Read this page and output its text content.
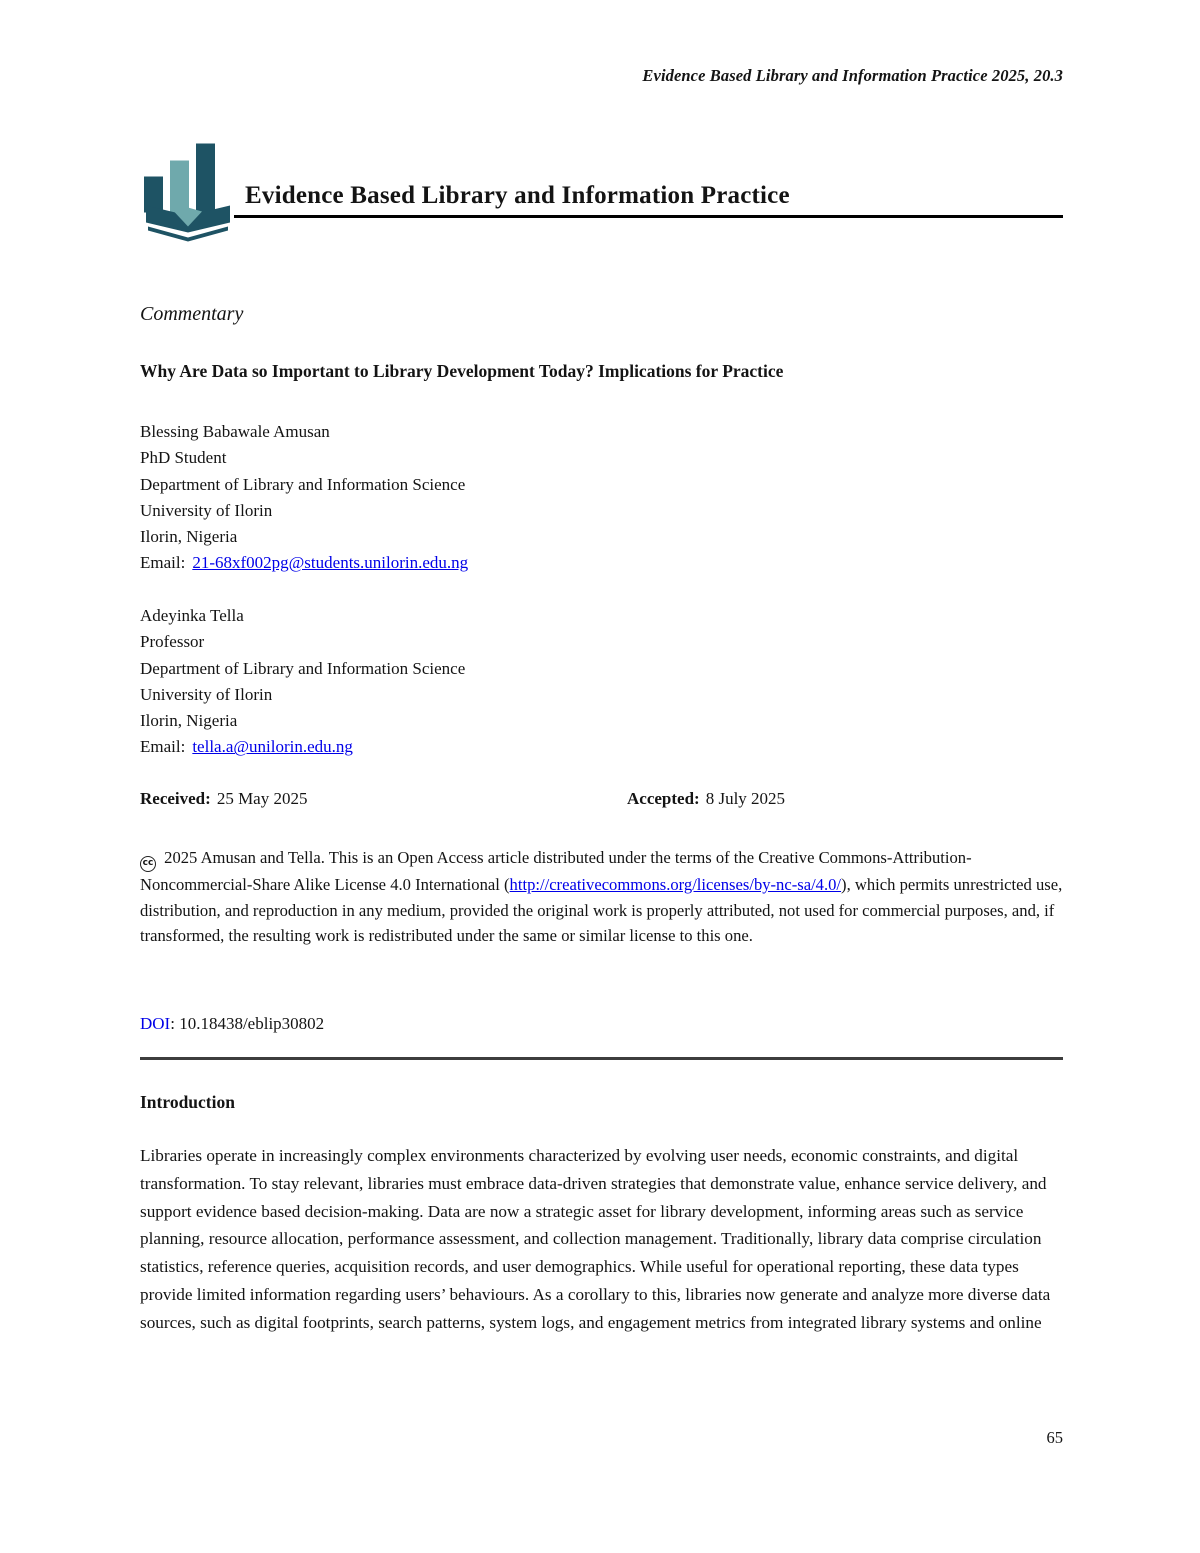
Evidence Based Library and Information Practice 2025, 20.3
Evidence Based Library and Information Practice
Commentary
Why Are Data so Important to Library Development Today? Implications for Practice
Blessing Babawale Amusan
PhD Student
Department of Library and Information Science
University of Ilorin
Ilorin, Nigeria
Email: 21-68xf002pg@students.unilorin.edu.ng
Adeyinka Tella
Professor
Department of Library and Information Science
University of Ilorin
Ilorin, Nigeria
Email: tella.a@unilorin.edu.ng
Received: 25 May 2025	Accepted: 8 July 2025
cc 2025 Amusan and Tella. This is an Open Access article distributed under the terms of the Creative Commons-Attribution-Noncommercial-Share Alike License 4.0 International (http://creativecommons.org/licenses/by-nc-sa/4.0/), which permits unrestricted use, distribution, and reproduction in any medium, provided the original work is properly attributed, not used for commercial purposes, and, if transformed, the resulting work is redistributed under the same or similar license to this one.
DOI: 10.18438/eblip30802
Introduction
Libraries operate in increasingly complex environments characterized by evolving user needs, economic constraints, and digital transformation. To stay relevant, libraries must embrace data-driven strategies that demonstrate value, enhance service delivery, and support evidence based decision-making. Data are now a strategic asset for library development, informing areas such as service planning, resource allocation, performance assessment, and collection management. Traditionally, library data comprise circulation statistics, reference queries, acquisition records, and user demographics. While useful for operational reporting, these data types provide limited information regarding users’ behaviours. As a corollary to this, libraries now generate and analyze more diverse data sources, such as digital footprints, search patterns, system logs, and engagement metrics from integrated library systems and online
65
